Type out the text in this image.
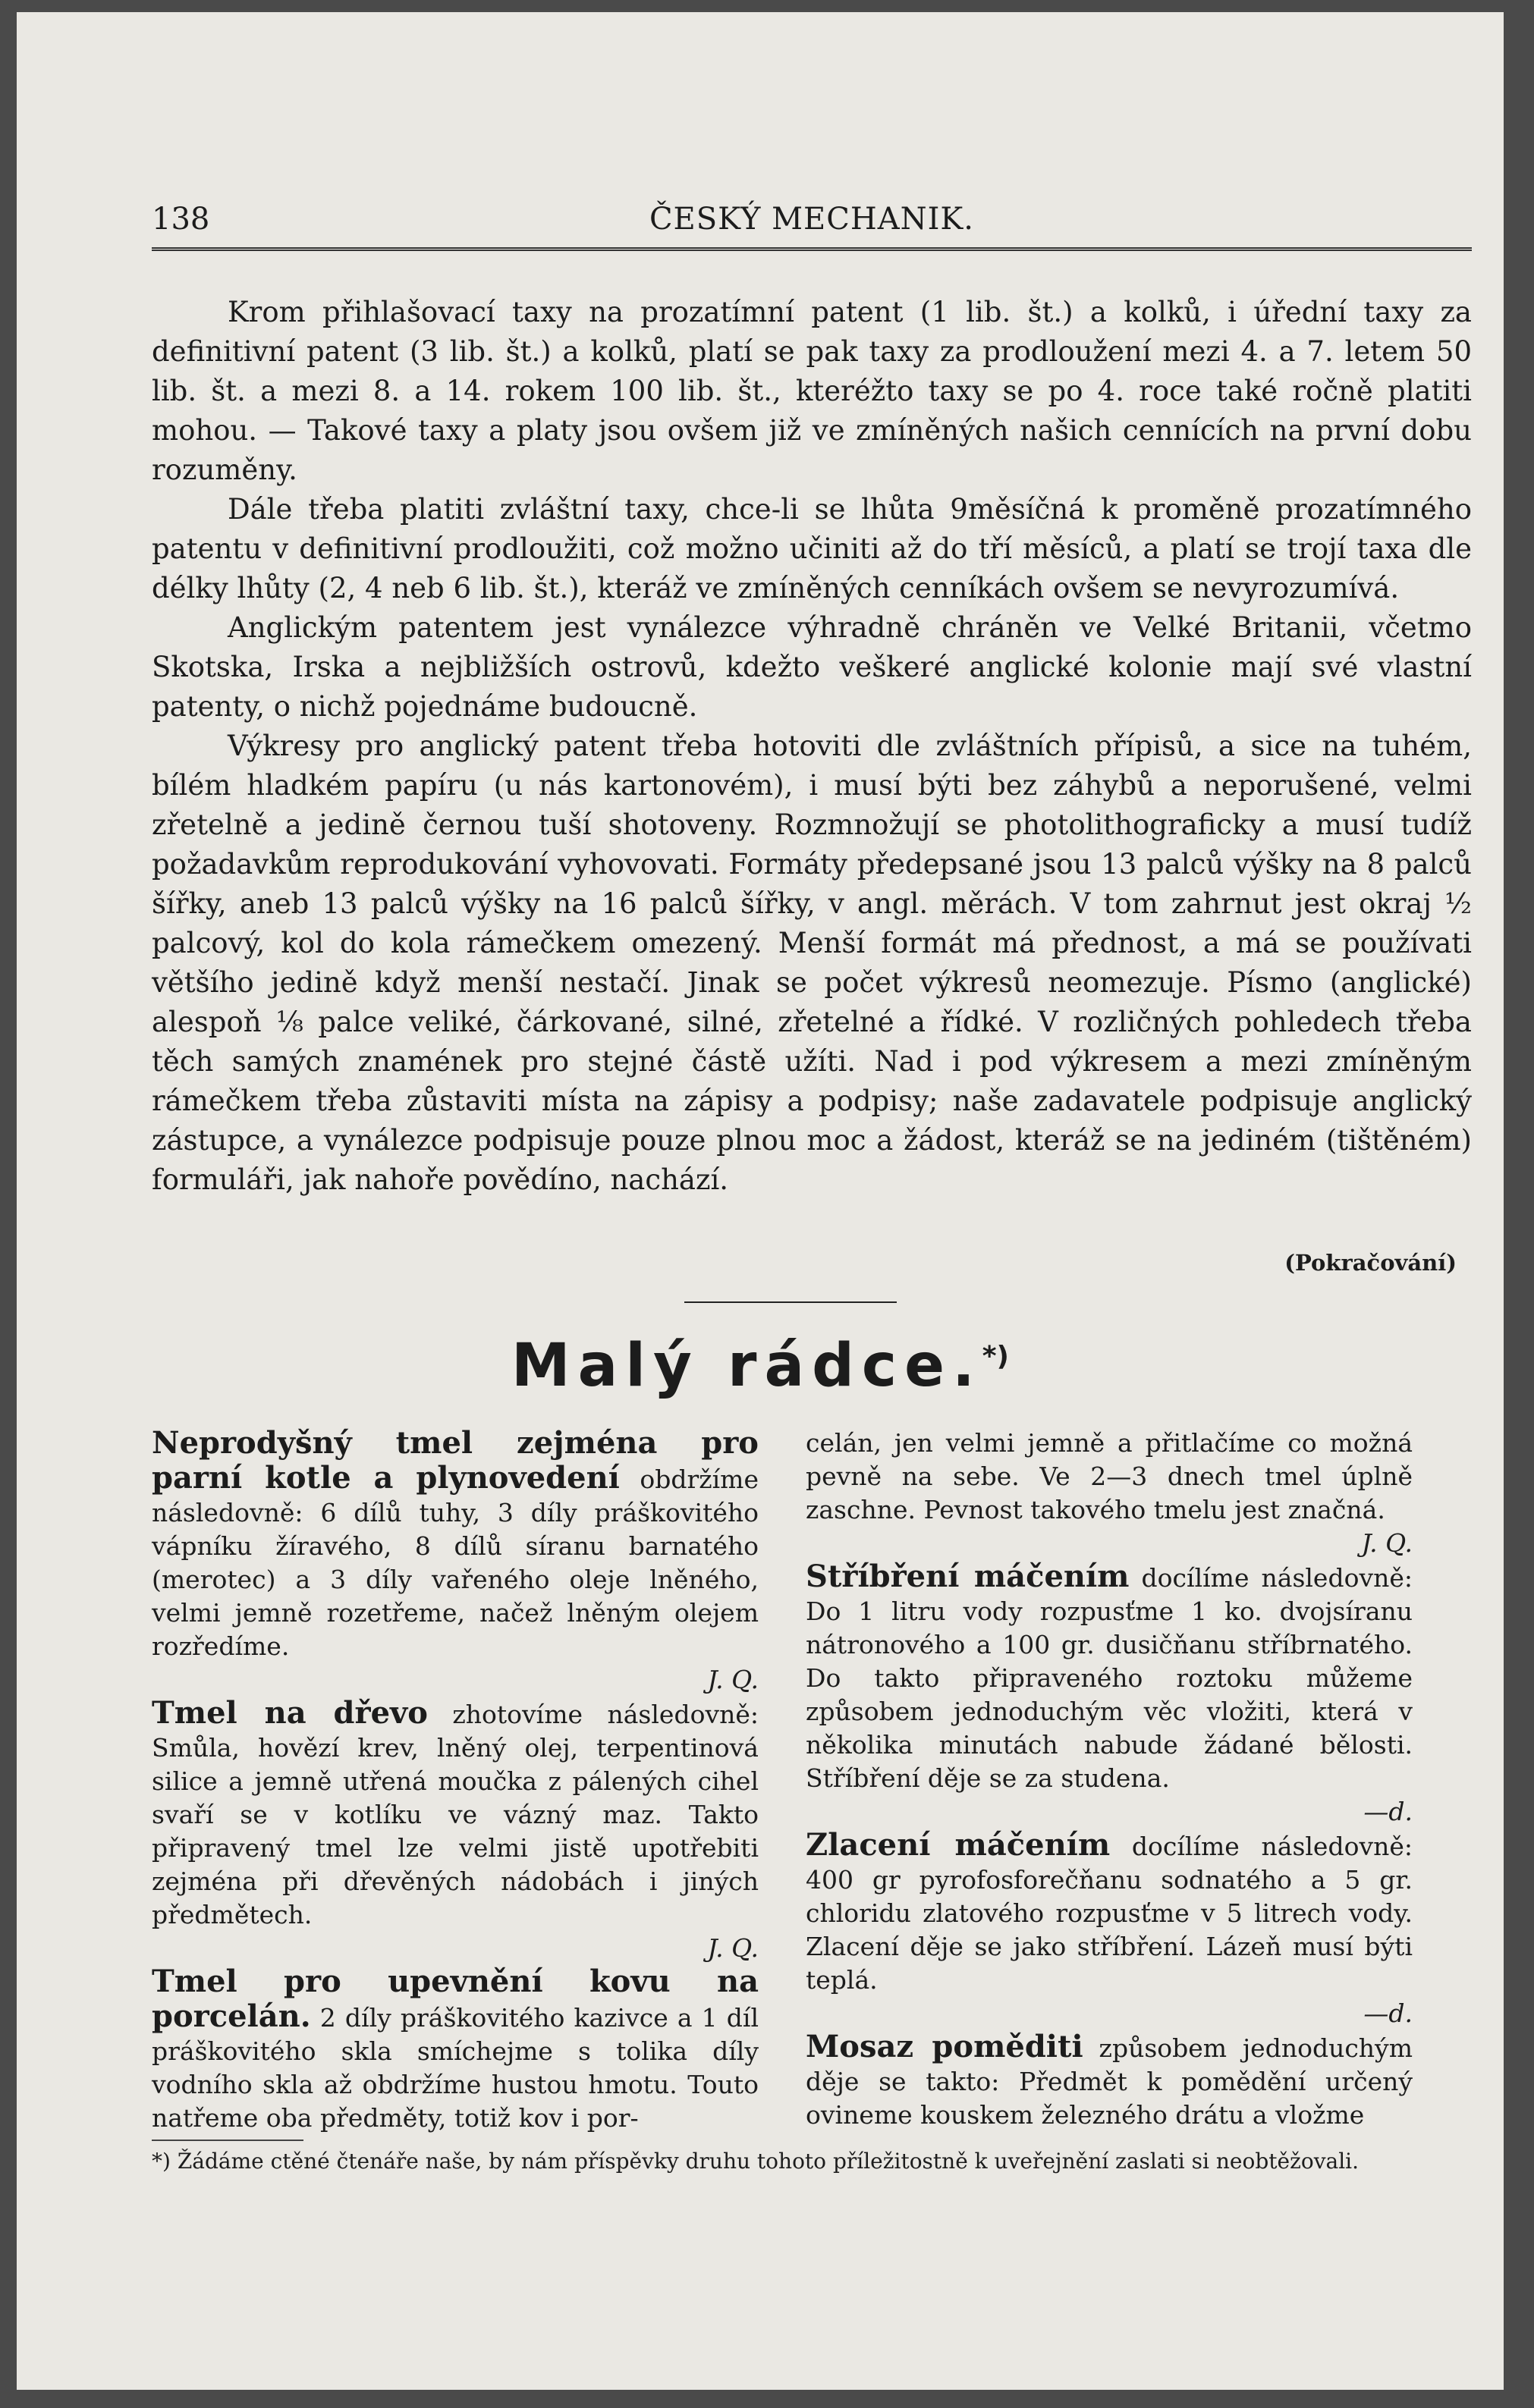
138	ČESKÝ MECHANIK.

Krom přihlašovací taxy na prozatímní patent (1 lib. št.) a kolků, i úřední taxy za definitivní patent (3 lib. št.) a kolků, platí se pak taxy za prodloužení mezi 4. a 7. letem 50 lib. št. a mezi 8. a 14. rokem 100 lib. št., kteréžto taxy se po 4. roce také ročně platiti mohou. — Takové taxy a platy jsou ovšem již ve zmíněných našich cennících na první dobu rozuměny.

Dále třeba platiti zvláštní taxy, chce-li se lhůta 9měsíčná k proměně prozatímného patentu v definitivní prodloužiti, což možno učiniti až do tří měsíců, a platí se trojí taxa dle délky lhůty (2, 4 neb 6 lib. št.), kteráž ve zmíněných cenníkách ovšem se nevyrozumívá.

Anglickým patentem jest vynálezce výhradně chráněn ve Velké Britanii, včetmo Skotska, Irska a nejbližších ostrovů, kdežto veškeré anglické kolonie mají své vlastní patenty, o nichž pojednáme budoucně.

Výkresy pro anglický patent třeba hotoviti dle zvláštních přípisů, a sice na tuhém, bílém hladkém papíru (u nás kartonovém), i musí býti bez záhybů a neporušené, velmi zřetelně a jedině černou tuší shotoveny. Rozmnožují se photolithograficky a musí tudíž požadavkům reprodukování vyhovovati. Formáty předepsané jsou 13 palců výšky na 8 palců šířky, aneb 13 palců výšky na 16 palců šířky, v angl. měrách. V tom zahrnut jest okraj ½ palcový, kol do kola rámečkem omezený. Menší formát má přednost, a má se používati většího jedině když menší nestačí. Jinak se počet výkresů neomezuje. Písmo (anglické) alespoň ⅛ palce veliké, čárkované, silné, zřetelné a řídké. V rozličných pohledech třeba těch samých znamének pro stejné částě užíti. Nad i pod výkresem a mezi zmíněným rámečkem třeba zůstaviti místa na zápisy a podpisy; naše zadavatele podpisuje anglický zástupce, a vynálezce podpisuje pouze plnou moc a žádost, kteráž se na jediném (tištěném) formuláři, jak nahoře povědíno, nachází.

(Pokračování)
Malý rádce.*)

Neprodyšný tmel zejména pro parní kotle a plynovedení obdržíme následovně: 6 dílů tuhy, 3 díly práškovitého vápníku žíravého, 8 dílů síranu barnatého (merotec) a 3 díly vařeného oleje lněného, velmi jemně rozetřeme, načež lněným olejem rozředíme.

J. Q.

Tmel na dřevo zhotovíme následovně: Smůla, hovězí krev, lněný olej, terpentinová silice a jemně utřená moučka z pálených cihel svaří se v kotlíku ve vázný maz. Takto připravený tmel lze velmi jistě upotřebiti zejména při dřevěných nádobách i jiných předmětech.

J. Q.

Tmel pro upevnění kovu na porcelán. 2 díly práškovitého kazivce a 1 díl práškovitého skla smícheјme s tolika díly vodního skla až obdržíme hustou hmotu. Touto natřeme oba předměty, totiž kov i por-

celán, jen velmi jemně a přitlačíme co možná pevně na sebe. Ve 2—3 dnech tmel úplně zaschne. Pevnost takového tmelu jest značná.

J. Q.

Stříbření máčením docílíme následovně: Do 1 litru vody rozpusťme 1 ko. dvojsíranu nátronového a 100 gr. dusičňanu stříbrnatého. Do takto připraveného roztoku můžeme způsobem jednoduchým věc vložiti, která v několika minutách nabude žádané bělosti. Stříbření děje se za studena.

—d.

Zlacení máčením docílíme následovně: 400 gr pyrofosforečňanu sodnatého a 5 gr. chloridu zlatového rozpusťme v 5 litrech vody. Zlacení děje se jako stříbření. Lázeň musí býti teplá.

—d.

Mosaz poměditi způsobem jednoduchým děje se takto: Předmět k pomědění určený ovineme kouskem železného drátu a vložme

*) Žádáme ctěné čtenáře naše, by nám příspěvky druhu tohoto příležitostně k uveřejnění zaslati si neobtěžovali.
